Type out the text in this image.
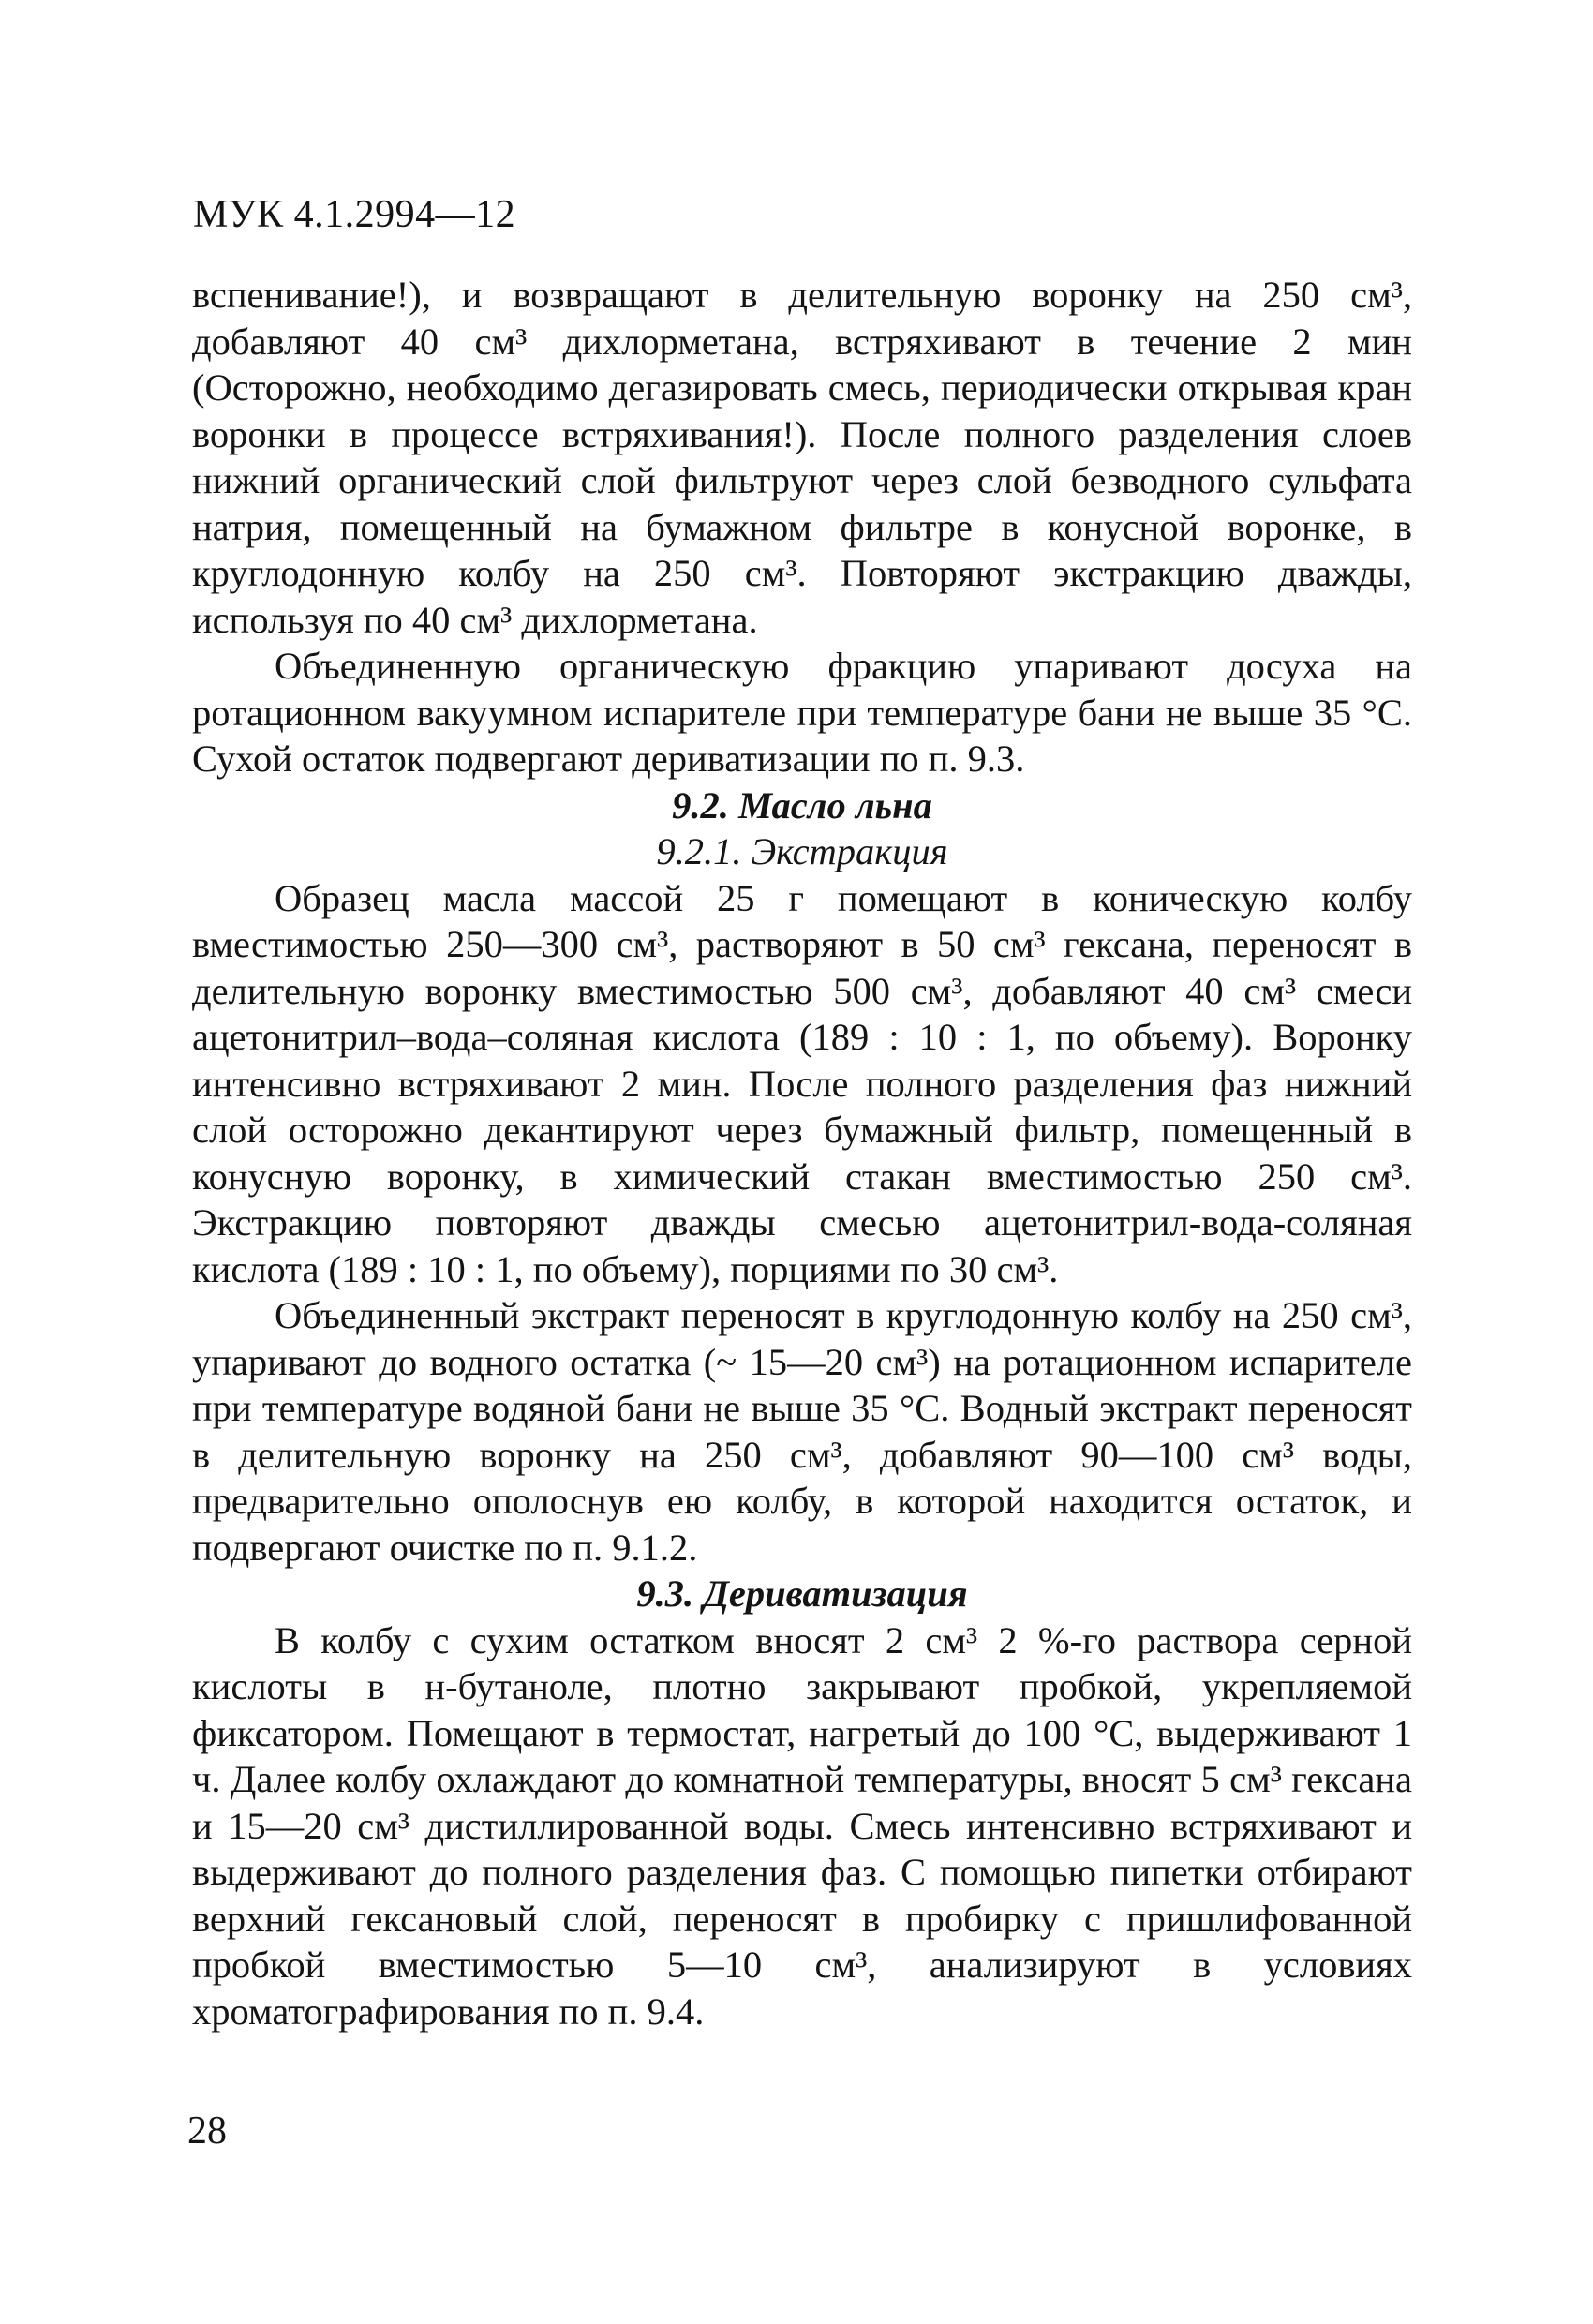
МУК 4.1.2994—12

вспенивание!), и возвращают в делительную воронку на 250 см³, добавляют 40 см³ дихлорметана, встряхивают в течение 2 мин (Осторожно, необходимо дегазировать смесь, периодически открывая кран воронки в процессе встряхивания!). После полного разделения слоев нижний органический слой фильтруют через слой безводного сульфата натрия, помещенный на бумажном фильтре в конусной воронке, в круглодонную колбу на 250 см³. Повторяют экстракцию дважды, используя по 40 см³ дихлорметана.

Объединенную органическую фракцию упаривают досуха на ротационном вакуумном испарителе при температуре бани не выше 35 °С. Сухой остаток подвергают дериватизации по п. 9.3.

9.2. Масло льна

9.2.1. Экстракция

Образец масла массой 25 г помещают в коническую колбу вместимостью 250—300 см³, растворяют в 50 см³ гексана, переносят в делительную воронку вместимостью 500 см³, добавляют 40 см³ смеси ацетонитрил–вода–соляная кислота (189 : 10 : 1, по объему). Воронку интенсивно встряхивают 2 мин. После полного разделения фаз нижний слой осторожно декантируют через бумажный фильтр, помещенный в конусную воронку, в химический стакан вместимостью 250 см³. Экстракцию повторяют дважды смесью ацетонитрил-вода-соляная кислота (189 : 10 : 1, по объему), порциями по 30 см³.

Объединенный экстракт переносят в круглодонную колбу на 250 см³, упаривают до водного остатка (~ 15—20 см³) на ротационном испарителе при температуре водяной бани не выше 35 °С. Водный экстракт переносят в делительную воронку на 250 см³, добавляют 90—100 см³ воды, предварительно ополоснув ею колбу, в которой находится остаток, и подвергают очистке по п. 9.1.2.

9.3. Дериватизация

В колбу с сухим остатком вносят 2 см³ 2 %-го раствора серной кислоты в н-бутаноле, плотно закрывают пробкой, укрепляемой фиксатором. Помещают в термостат, нагретый до 100 °С, выдерживают 1 ч. Далее колбу охлаждают до комнатной температуры, вносят 5 см³ гексана и 15—20 см³ дистиллированной воды. Смесь интенсивно встряхивают и выдерживают до полного разделения фаз. С помощью пипетки отбирают верхний гексановый слой, переносят в пробирку с пришлифованной пробкой вместимостью 5—10 см³, анализируют в условиях хроматографирования по п. 9.4.

28
